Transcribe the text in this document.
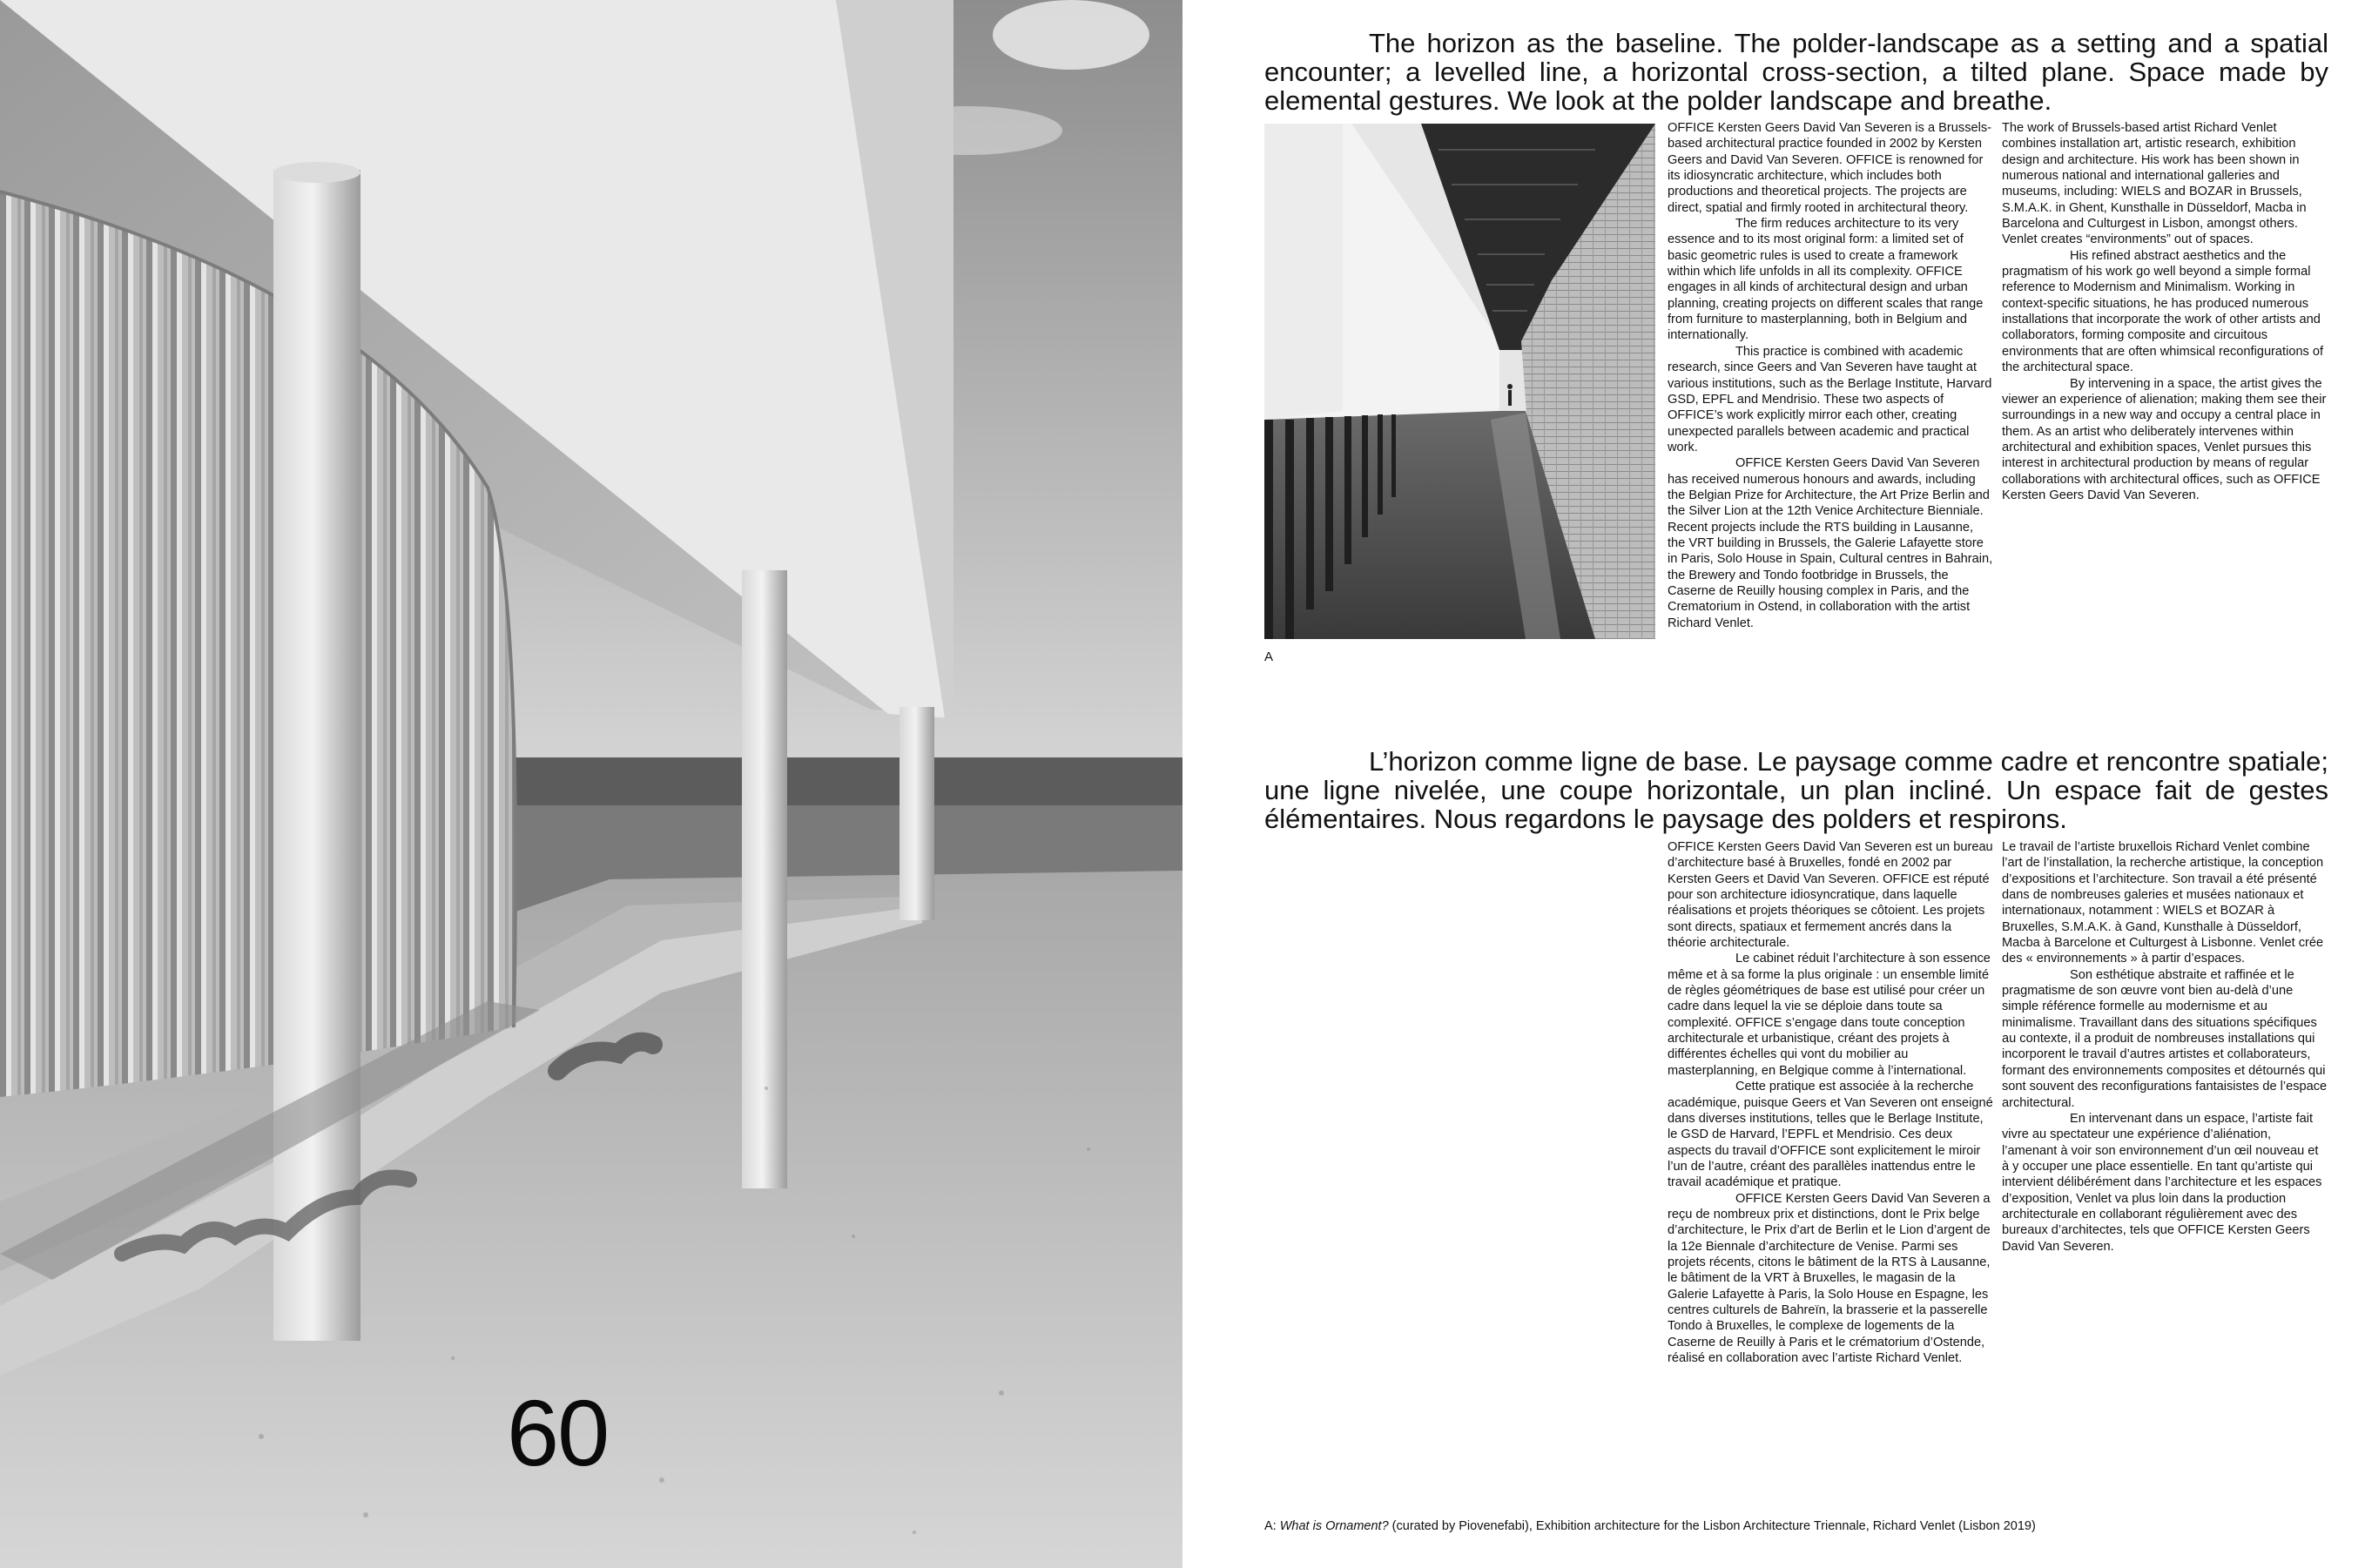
60

The horizon as the baseline. The polder-landscape as a setting and a spatial encounter; a levelled line, a horizontal cross-section, a tilted plane. Space made by elemental gestures. We look at the polder landscape and breathe.

A

OFFICE Kersten Geers David Van Severen is a Brussels-based architectural practice founded in 2002 by Kersten Geers and David Van Severen. OFFICE is renowned for its idiosyncratic architecture, which includes both productions and theoretical projects. The projects are direct, spatial and firmly rooted in architectural theory.

The firm reduces architecture to its very essence and to its most original form: a limited set of basic geometric rules is used to create a framework within which life unfolds in all its complexity. OFFICE engages in all kinds of architectural design and urban planning, creating projects on different scales that range from furniture to masterplanning, both in Belgium and internationally.

This practice is combined with academic research, since Geers and Van Severen have taught at various institutions, such as the Berlage Institute, Harvard GSD, EPFL and Mendrisio. These two aspects of OFFICE’s work explicitly mirror each other, creating unexpected parallels between academic and practical work.

OFFICE Kersten Geers David Van Severen has received numerous honours and awards, including the Belgian Prize for Architecture, the Art Prize Berlin and the Silver Lion at the 12th Venice Architecture Bienniale. Recent projects include the RTS building in Lausanne, the VRT building in Brussels, the Galerie Lafayette store in Paris, Solo House in Spain, Cultural centres in Bahrain, the Brewery and Tondo footbridge in Brussels, the Caserne de Reuilly housing complex in Paris, and the Crematorium in Ostend, in collaboration with the artist Richard Venlet.

The work of Brussels-based artist Richard Venlet combines installation art, artistic research, exhibition design and architecture. His work has been shown in numerous national and international galleries and museums, including: WIELS and BOZAR in Brussels, S.M.A.K. in Ghent, Kunsthalle in Düsseldorf, Macba in Barcelona and Culturgest in Lisbon, amongst others. Venlet creates “environments” out of spaces.

His refined abstract aesthetics and the pragmatism of his work go well beyond a simple formal reference to Modernism and Minimalism. Working in context-specific situations, he has produced numerous installations that incorporate the work of other artists and collaborators, forming composite and circuitous environments that are often whimsical reconfigurations of the architectural space.

By intervening in a space, the artist gives the viewer an experience of alienation; making them see their surroundings in a new way and occupy a central place in them. As an artist who deliberately intervenes within architectural and exhibition spaces, Venlet pursues this interest in architectural production by means of regular collaborations with architectural offices, such as OFFICE Kersten Geers David Van Severen.

L’horizon comme ligne de base. Le paysage comme cadre et rencontre spatiale; une ligne nivelée, une coupe horizontale, un plan incliné. Un espace fait de gestes élémentaires. Nous regardons le paysage des polders et respirons.

OFFICE Kersten Geers David Van Severen est un bureau d’architecture basé à Bruxelles, fondé en 2002 par Kersten Geers et David Van Severen. OFFICE est réputé pour son architecture idiosyncratique, dans laquelle réalisations et projets théoriques se côtoient. Les projets sont directs, spatiaux et fermement ancrés dans la théorie architecturale.

Le cabinet réduit l’architecture à son essence même et à sa forme la plus originale : un ensemble limité de règles géométriques de base est utilisé pour créer un cadre dans lequel la vie se déploie dans toute sa complexité. OFFICE s’engage dans toute conception architecturale et urbanistique, créant des projets à différentes échelles qui vont du mobilier au masterplanning, en Belgique comme à l’international.

Cette pratique est associée à la recherche académique, puisque Geers et Van Severen ont enseigné dans diverses institutions, telles que le Berlage Institute, le GSD de Harvard, l’EPFL et Mendrisio. Ces deux aspects du travail d’OFFICE sont explicitement le miroir l’un de l’autre, créant des parallèles inattendus entre le travail académique et pratique.

OFFICE Kersten Geers David Van Severen a reçu de nombreux prix et distinctions, dont le Prix belge d’architecture, le Prix d’art de Berlin et le Lion d’argent de la 12e Biennale d’architecture de Venise. Parmi ses projets récents, citons le bâtiment de la RTS à Lausanne, le bâtiment de la VRT à Bruxelles, le magasin de la Galerie Lafayette à Paris, la Solo House en Espagne, les centres culturels de Bahreïn, la brasserie et la passerelle Tondo à Bruxelles, le complexe de logements de la Caserne de Reuilly à Paris et le crématorium d’Ostende, réalisé en collaboration avec l’artiste Richard Venlet.

Le travail de l’artiste bruxellois Richard Venlet combine l’art de l’installation, la recherche artistique, la conception d’expositions et l’architecture. Son travail a été présenté dans de nombreuses galeries et musées nationaux et internationaux, notamment : WIELS et BOZAR à Bruxelles, S.M.A.K. à Gand, Kunsthalle à Düsseldorf, Macba à Barcelone et Culturgest à Lisbonne. Venlet crée des « environnements » à partir d’espaces.

Son esthétique abstraite et raffinée et le pragmatisme de son œuvre vont bien au-delà d’une simple référence formelle au modernisme et au minimalisme. Travaillant dans des situations spécifiques au contexte, il a produit de nombreuses installations qui incorporent le travail d’autres artistes et collaborateurs, formant des environnements composites et détournés qui sont souvent des reconfigurations fantaisistes de l’espace architectural.

En intervenant dans un espace, l’artiste fait vivre au spectateur une expérience d’aliénation, l’amenant à voir son environnement d’un œil nouveau et à y occuper une place essentielle. En tant qu’artiste qui intervient délibérément dans l’architecture et les espaces d’exposition, Venlet va plus loin dans la production architecturale en collaborant régulièrement avec des bureaux d’architectes, tels que OFFICE Kersten Geers David Van Severen.

A: What is Ornament? (curated by Piovenefabi), Exhibition architecture for the Lisbon Architecture Triennale, Richard Venlet (Lisbon 2019)
